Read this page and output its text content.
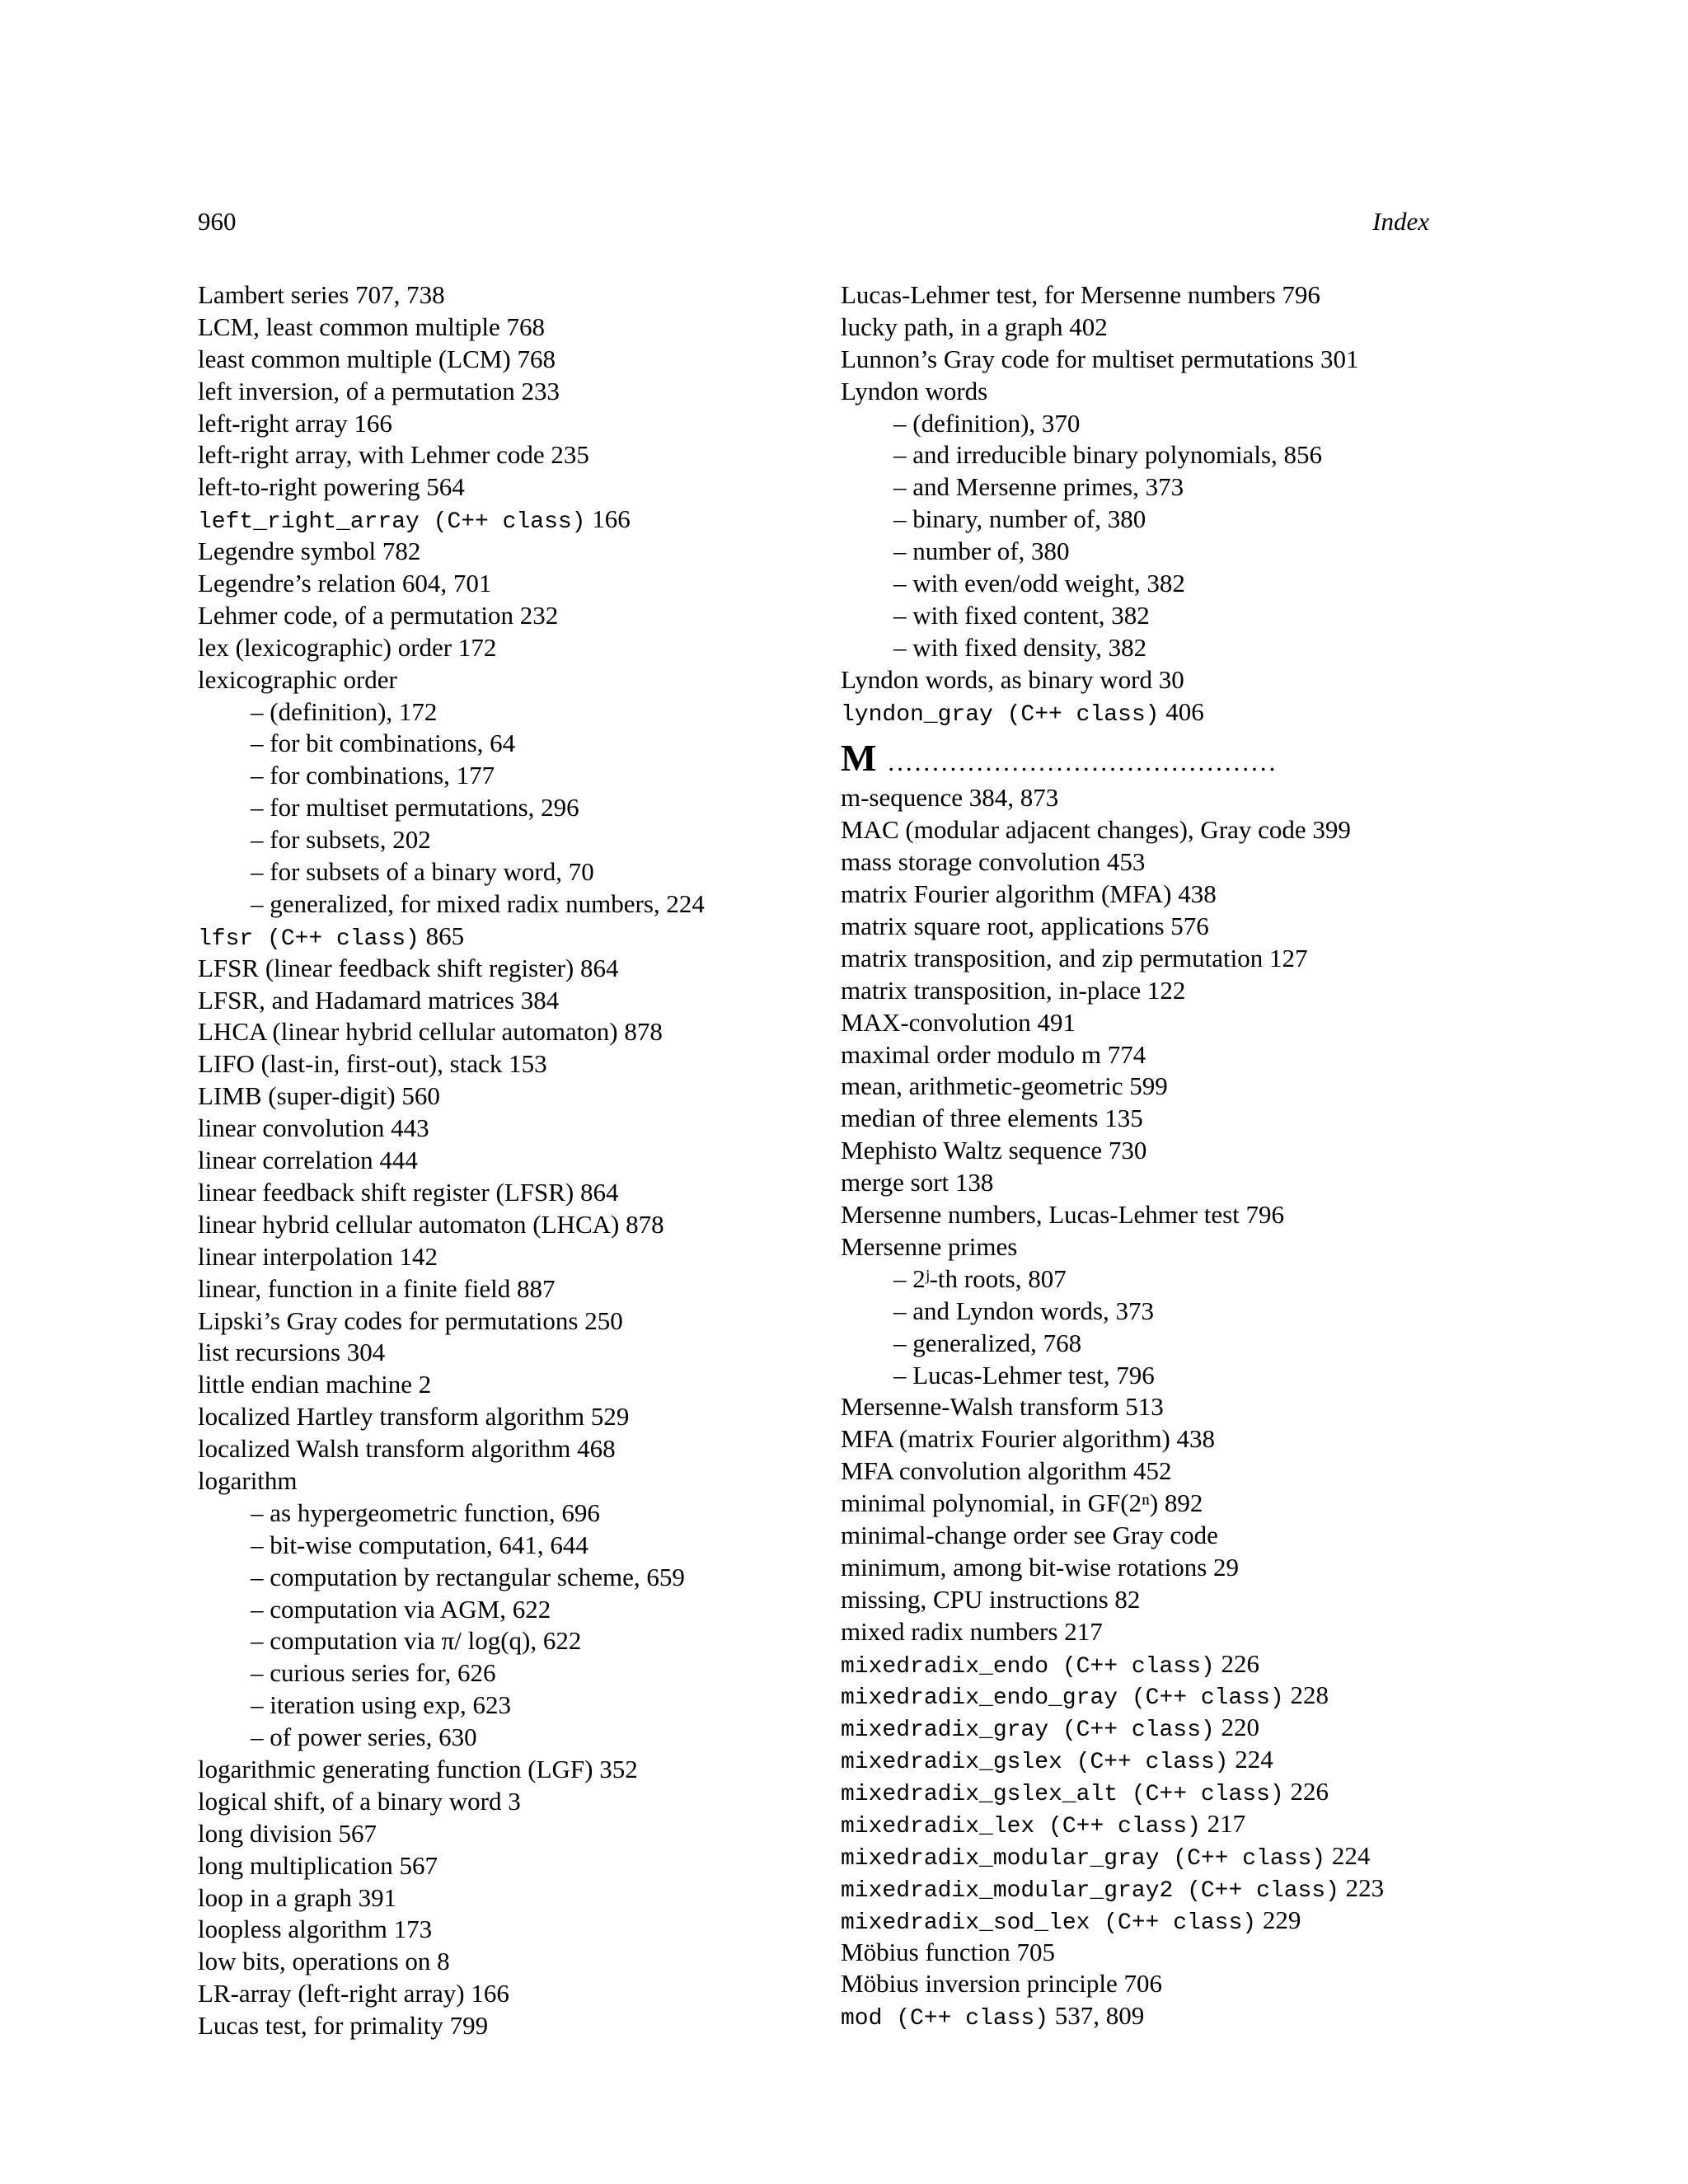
960	Index
Lambert series 707, 738
LCM, least common multiple 768
least common multiple (LCM) 768
left inversion, of a permutation 233
left-right array 166
left-right array, with Lehmer code 235
left-to-right powering 564
left_right_array (C++ class) 166
Legendre symbol 782
Legendre’s relation 604, 701
Lehmer code, of a permutation 232
lex (lexicographic) order 172
lexicographic order
– (definition), 172
– for bit combinations, 64
– for combinations, 177
– for multiset permutations, 296
– for subsets, 202
– for subsets of a binary word, 70
– generalized, for mixed radix numbers, 224
lfsr (C++ class) 865
LFSR (linear feedback shift register) 864
LFSR, and Hadamard matrices 384
LHCA (linear hybrid cellular automaton) 878
LIFO (last-in, first-out), stack 153
LIMB (super-digit) 560
linear convolution 443
linear correlation 444
linear feedback shift register (LFSR) 864
linear hybrid cellular automaton (LHCA) 878
linear interpolation 142
linear, function in a finite field 887
Lipski’s Gray codes for permutations 250
list recursions 304
little endian machine 2
localized Hartley transform algorithm 529
localized Walsh transform algorithm 468
logarithm
– as hypergeometric function, 696
– bit-wise computation, 641, 644
– computation by rectangular scheme, 659
– computation via AGM, 622
– computation via π/ log(q), 622
– curious series for, 626
– iteration using exp, 623
– of power series, 630
logarithmic generating function (LGF) 352
logical shift, of a binary word 3
long division 567
long multiplication 567
loop in a graph 391
loopless algorithm 173
low bits, operations on 8
LR-array (left-right array) 166
Lucas test, for primality 799
Lucas-Lehmer test, for Mersenne numbers 796
lucky path, in a graph 402
Lunnon’s Gray code for multiset permutations 301
Lyndon words
– (definition), 370
– and irreducible binary polynomials, 856
– and Mersenne primes, 373
– binary, number of, 380
– number of, 380
– with even/odd weight, 382
– with fixed content, 382
– with fixed density, 382
Lyndon words, as binary word 30
lyndon_gray (C++ class) 406
M ............................................
m-sequence 384, 873
MAC (modular adjacent changes), Gray code 399
mass storage convolution 453
matrix Fourier algorithm (MFA) 438
matrix square root, applications 576
matrix transposition, and zip permutation 127
matrix transposition, in-place 122
MAX-convolution 491
maximal order modulo m 774
mean, arithmetic-geometric 599
median of three elements 135
Mephisto Waltz sequence 730
merge sort 138
Mersenne numbers, Lucas-Lehmer test 796
Mersenne primes
– 2ʲ-th roots, 807
– and Lyndon words, 373
– generalized, 768
– Lucas-Lehmer test, 796
Mersenne-Walsh transform 513
MFA (matrix Fourier algorithm) 438
MFA convolution algorithm 452
minimal polynomial, in GF(2ⁿ) 892
minimal-change order see Gray code
minimum, among bit-wise rotations 29
missing, CPU instructions 82
mixed radix numbers 217
mixedradix_endo (C++ class) 226
mixedradix_endo_gray (C++ class) 228
mixedradix_gray (C++ class) 220
mixedradix_gslex (C++ class) 224
mixedradix_gslex_alt (C++ class) 226
mixedradix_lex (C++ class) 217
mixedradix_modular_gray (C++ class) 224
mixedradix_modular_gray2 (C++ class) 223
mixedradix_sod_lex (C++ class) 229
Möbius function 705
Möbius inversion principle 706
mod (C++ class) 537, 809
